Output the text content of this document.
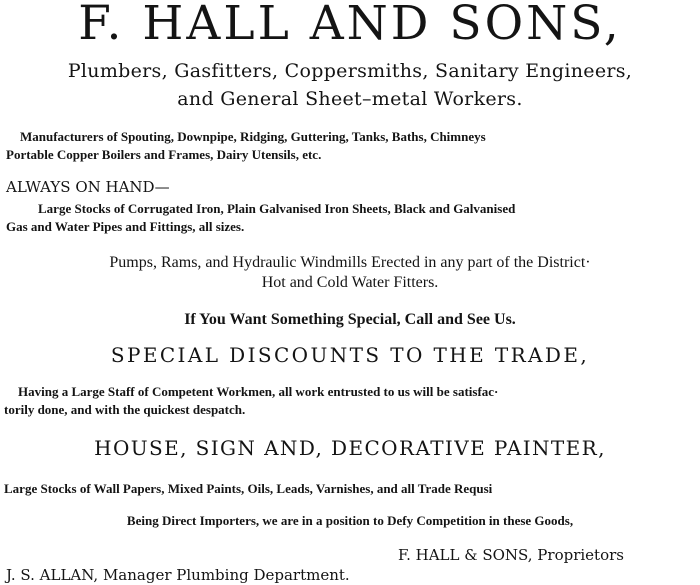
F. HALL AND SONS,
Plumbers, Gasfitters, Coppersmiths, Sanitary Engineers,
and General Sheet–metal Workers.
Manufacturers of Spouting, Downpipe, Ridging, Guttering, Tanks, Baths, Chimneys
Portable Copper Boilers and Frames, Dairy Utensils, etc.
ALWAYS ON HAND—
Large Stocks of Corrugated Iron, Plain Galvanised Iron Sheets, Black and Galvanised
Gas and Water Pipes and Fittings, all sizes.
Pumps, Rams, and Hydraulic Windmills Erected in any part of the District·
Hot and Cold Water Fitters.
If You Want Something Special, Call and See Us.
SPECIAL DISCOUNTS TO THE TRADE,
Having a Large Staff of Competent Workmen, all work entrusted to us will be satisfac·
torily done, and with the quickest despatch.
HOUSE, SIGN AND, DECORATIVE PAINTER,
Large Stocks of Wall Papers, Mixed Paints, Oils, Leads, Varnishes, and all Trade Requsi
Being Direct Importers, we are in a position to Defy Competition in these Goods,
F. HALL & SONS, Proprietors
J. S. ALLAN, Manager Plumbing Department.
